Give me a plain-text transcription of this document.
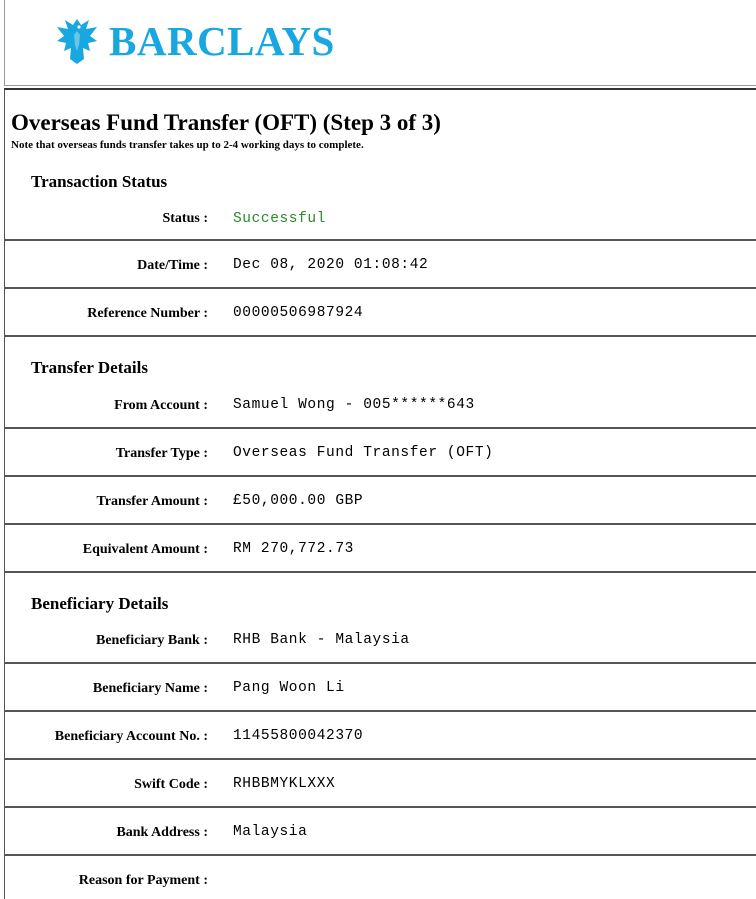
BARCLAYS
Overseas Fund Transfer (OFT) (Step 3 of 3)
Note that overseas funds transfer takes up to 2-4 working days to complete.
Transaction Status
Status : Successful
Date/Time : Dec 08, 2020 01:08:42
Reference Number : 00000506987924
Transfer Details
From Account : Samuel Wong - 005******643
Transfer Type : Overseas Fund Transfer (OFT)
Transfer Amount : £50,000.00 GBP
Equivalent Amount : RM 270,772.73
Beneficiary Details
Beneficiary Bank : RHB Bank - Malaysia
Beneficiary Name : Pang Woon Li
Beneficiary Account No. : 11455800042370
Swift Code : RHBBMYKLXXX
Bank Address : Malaysia
Reason for Payment :
